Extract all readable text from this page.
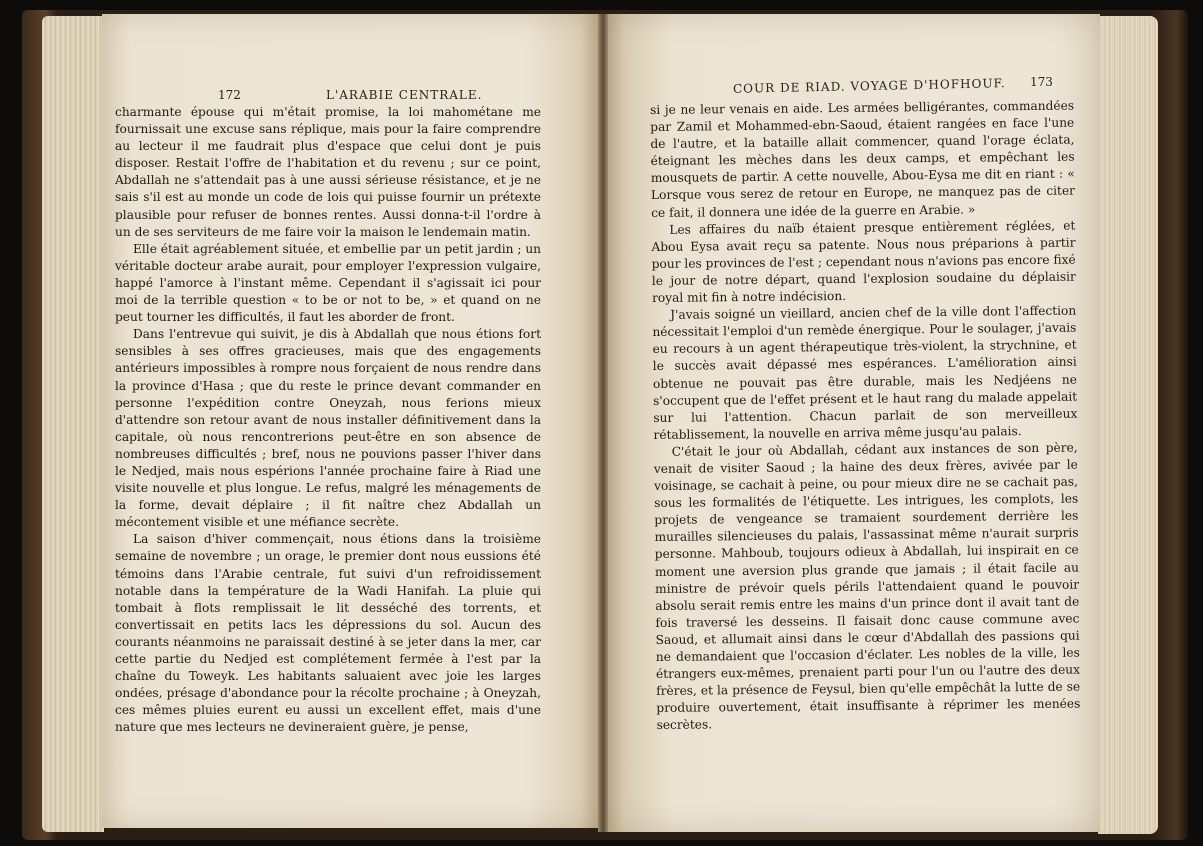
172	L'ARABIE CENTRALE.	COUR DE RIAD. VOYAGE D'HOFHOUF. 173

charmante épouse qui m'était promise, la loi mahométane me fournissait une excuse sans réplique, mais pour la faire comprendre au lecteur il me faudrait plus d'espace que celui dont je puis disposer. Restait l'offre de l'habitation et du revenu ; sur ce point, Abdallah ne s'attendait pas à une aussi sérieuse résistance, et je ne sais s'il est au monde un code de lois qui puisse fournir un prétexte plausible pour refuser de bonnes rentes. Aussi donna-t-il l'ordre à un de ses serviteurs de me faire voir la maison le lendemain matin.

Elle était agréablement située, et embellie par un petit jardin ; un véritable docteur arabe aurait, pour employer l'expression vulgaire, happé l'amorce à l'instant même. Cependant il s'agissait ici pour moi de la terrible question « to be or not to be, » et quand on ne peut tourner les difficultés, il faut les aborder de front.

Dans l'entrevue qui suivit, je dis à Abdallah que nous étions fort sensibles à ses offres gracieuses, mais que des engagements antérieurs impossibles à rompre nous forçaient de nous rendre dans la province d'Hasa ; que du reste le prince devant commander en personne l'expédition contre Oneyzah, nous ferions mieux d'attendre son retour avant de nous installer définitivement dans la capitale, où nous rencontrerions peut-être en son absence de nombreuses difficultés ; bref, nous ne pouvions passer l'hiver dans le Nedjed, mais nous espérions l'année prochaine faire à Riad une visite nouvelle et plus longue. Le refus, malgré les ménagements de la forme, devait déplaire ; il fit naître chez Abdallah un mécontement visible et une méfiance secrète.

La saison d'hiver commençait, nous étions dans la troisième semaine de novembre ; un orage, le premier dont nous eussions été témoins dans l'Arabie centrale, fut suivi d'un refroidissement notable dans la température de la Wadi Hanifah. La pluie qui tombait à flots remplissait le lit desséché des torrents, et convertissait en petits lacs les dépressions du sol. Aucun des courants néanmoins ne paraissait destiné à se jeter dans la mer, car cette partie du Nedjed est complétement fermée à l'est par la chaîne du Toweyk. Les habitants saluaient avec joie les larges ondées, présage d'abondance pour la récolte prochaine ; à Oneyzah, ces mêmes pluies eurent eu aussi un excellent effet, mais d'une nature que mes lecteurs ne devineraient guère, je pense,

si je ne leur venais en aide. Les armées belligérantes, commandées par Zamil et Mohammed-ebn-Saoud, étaient rangées en face l'une de l'autre, et la bataille allait commencer, quand l'orage éclata, éteignant les mèches dans les deux camps, et empêchant les mousquets de partir. A cette nouvelle, Abou-Eysa me dit en riant : « Lorsque vous serez de retour en Europe, ne manquez pas de citer ce fait, il donnera une idée de la guerre en Arabie. »

Les affaires du naïb étaient presque entièrement réglées, et Abou Eysa avait reçu sa patente. Nous nous préparions à partir pour les provinces de l'est ; cependant nous n'avions pas encore fixé le jour de notre départ, quand l'explosion soudaine du déplaisir royal mit fin à notre indécision.

J'avais soigné un vieillard, ancien chef de la ville dont l'affection nécessitait l'emploi d'un remède énergique. Pour le soulager, j'avais eu recours à un agent thérapeutique très-violent, la strychnine, et le succès avait dépassé mes espérances. L'amélioration ainsi obtenue ne pouvait pas être durable, mais les Nedjéens ne s'occupent que de l'effet présent et le haut rang du malade appelait sur lui l'attention. Chacun parlait de son merveilleux rétablissement, la nouvelle en arriva même jusqu'au palais.

C'était le jour où Abdallah, cédant aux instances de son père, venait de visiter Saoud ; la haine des deux frères, avivée par le voisinage, se cachait à peine, ou pour mieux dire ne se cachait pas, sous les formalités de l'étiquette. Les intrigues, les complots, les projets de vengeance se tramaient sourdement derrière les murailles silencieuses du palais, l'assassinat même n'aurait surpris personne. Mahboub, toujours odieux à Abdallah, lui inspirait en ce moment une aversion plus grande que jamais ; il était facile au ministre de prévoir quels périls l'attendaient quand le pouvoir absolu serait remis entre les mains d'un prince dont il avait tant de fois traversé les desseins. Il faisait donc cause commune avec Saoud, et allumait ainsi dans le cœur d'Abdallah des passions qui ne demandaient que l'occasion d'éclater. Les nobles de la ville, les étrangers eux-mêmes, prenaient parti pour l'un ou l'autre des deux frères, et la présence de Feysul, bien qu'elle empêchât la lutte de se produire ouvertement, était insuffisante à réprimer les menées secrètes.
